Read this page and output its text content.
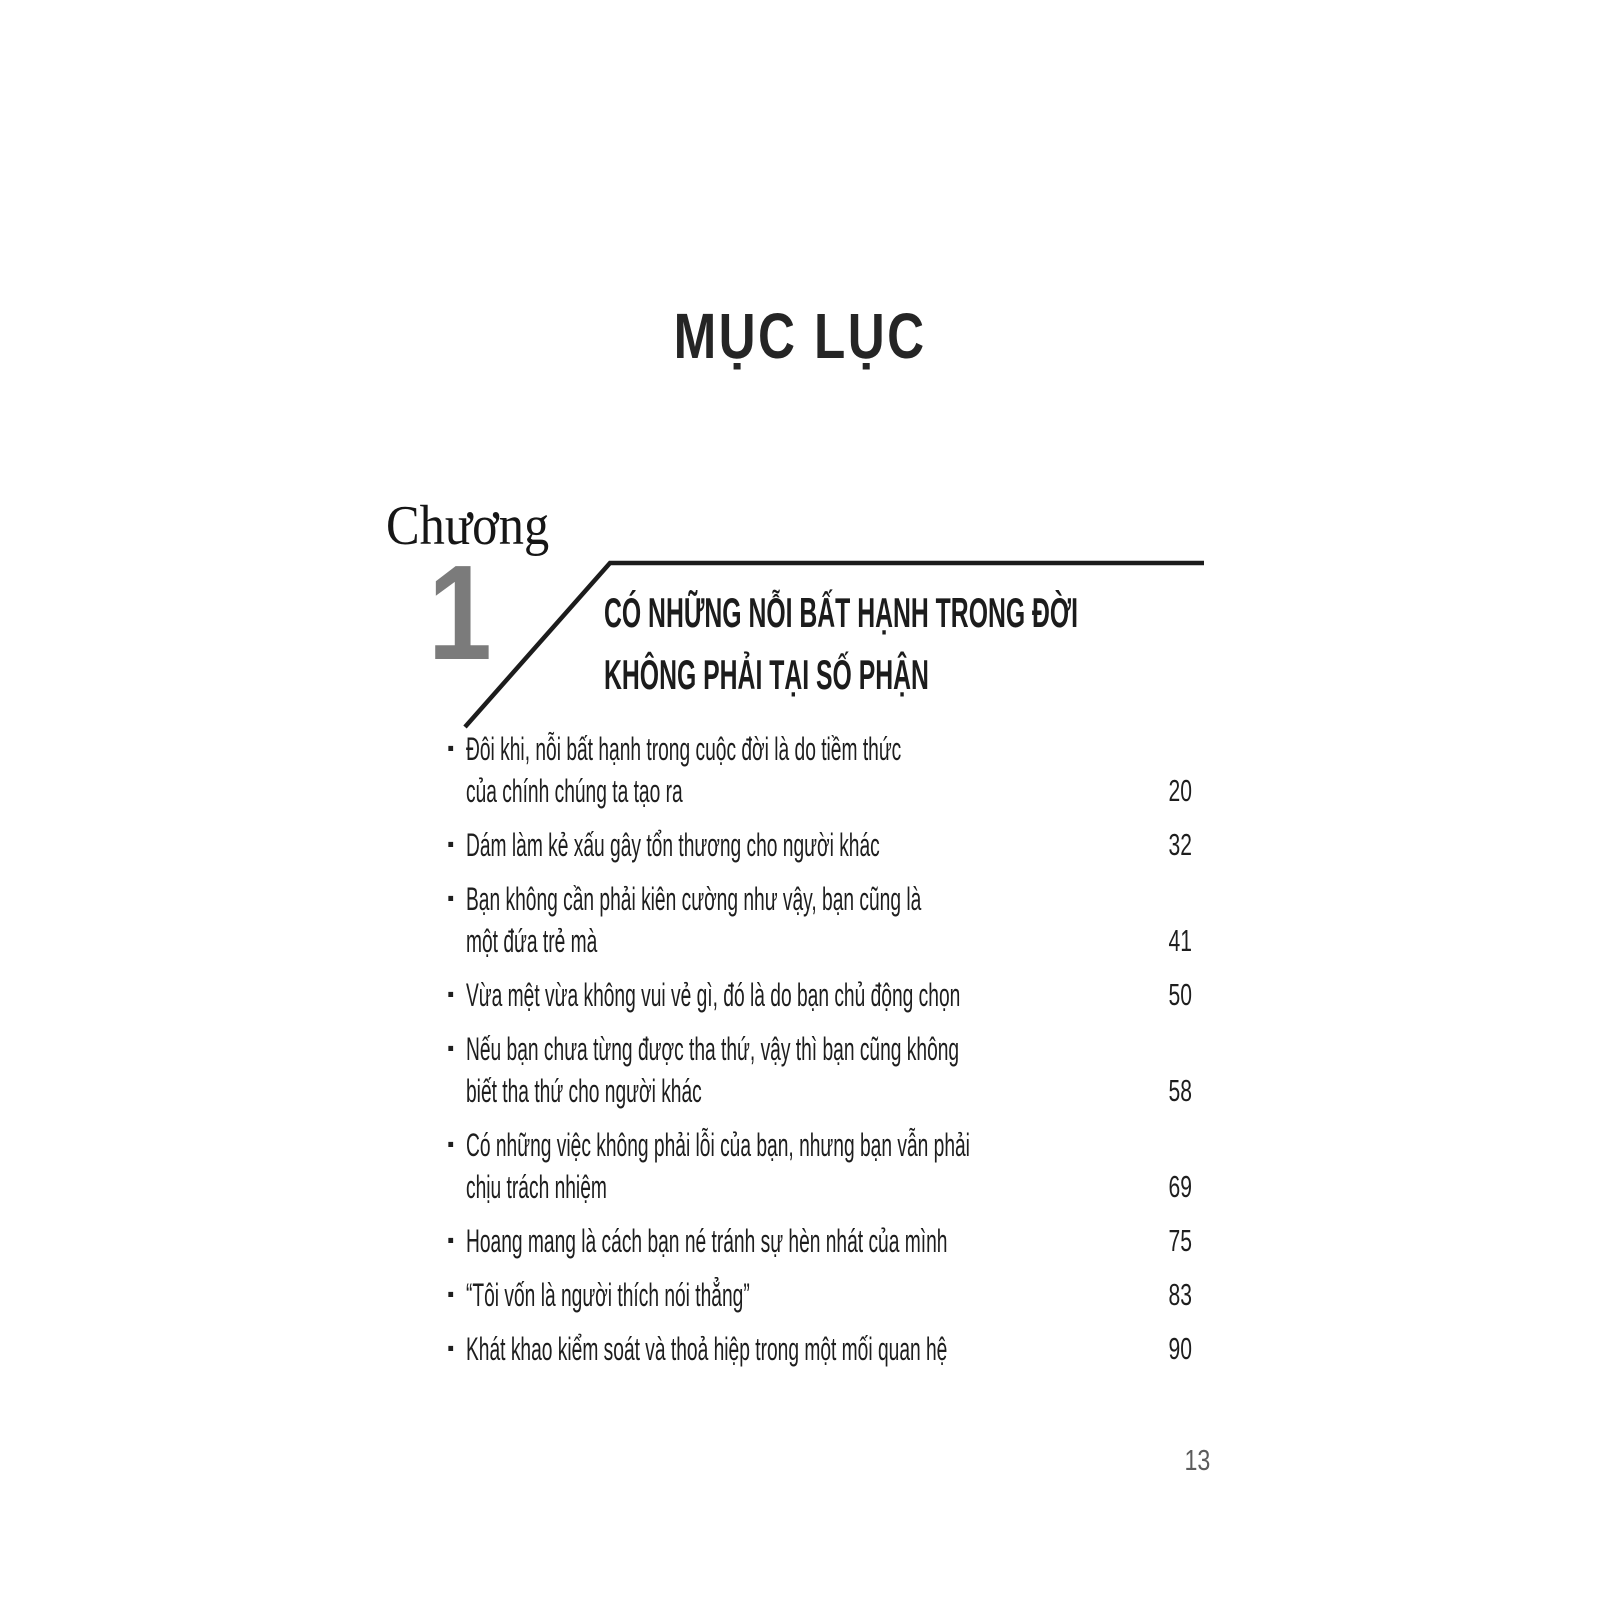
MỤC LỤC
Chương
1	CÓ NHỮNG NỖI BẤT HẠNH TRONG ĐỜI
KHÔNG PHẢI TẠI SỐ PHẬN
· Đôi khi, nỗi bất hạnh trong cuộc đời là do tiềm thức
của chính chúng ta tạo ra	20
· Dám làm kẻ xấu gây tổn thương cho người khác	32
· Bạn không cần phải kiên cường như vậy, bạn cũng là
một đứa trẻ mà	41
· Vừa mệt vừa không vui vẻ gì, đó là do bạn chủ động chọn	50
· Nếu bạn chưa từng được tha thứ, vậy thì bạn cũng không
biết tha thứ cho người khác	58
· Có những việc không phải lỗi của bạn, nhưng bạn vẫn phải
chịu trách nhiệm	69
· Hoang mang là cách bạn né tránh sự hèn nhát của mình	75
· “Tôi vốn là người thích nói thẳng”	83
· Khát khao kiểm soát và thoả hiệp trong một mối quan hệ	90
13
